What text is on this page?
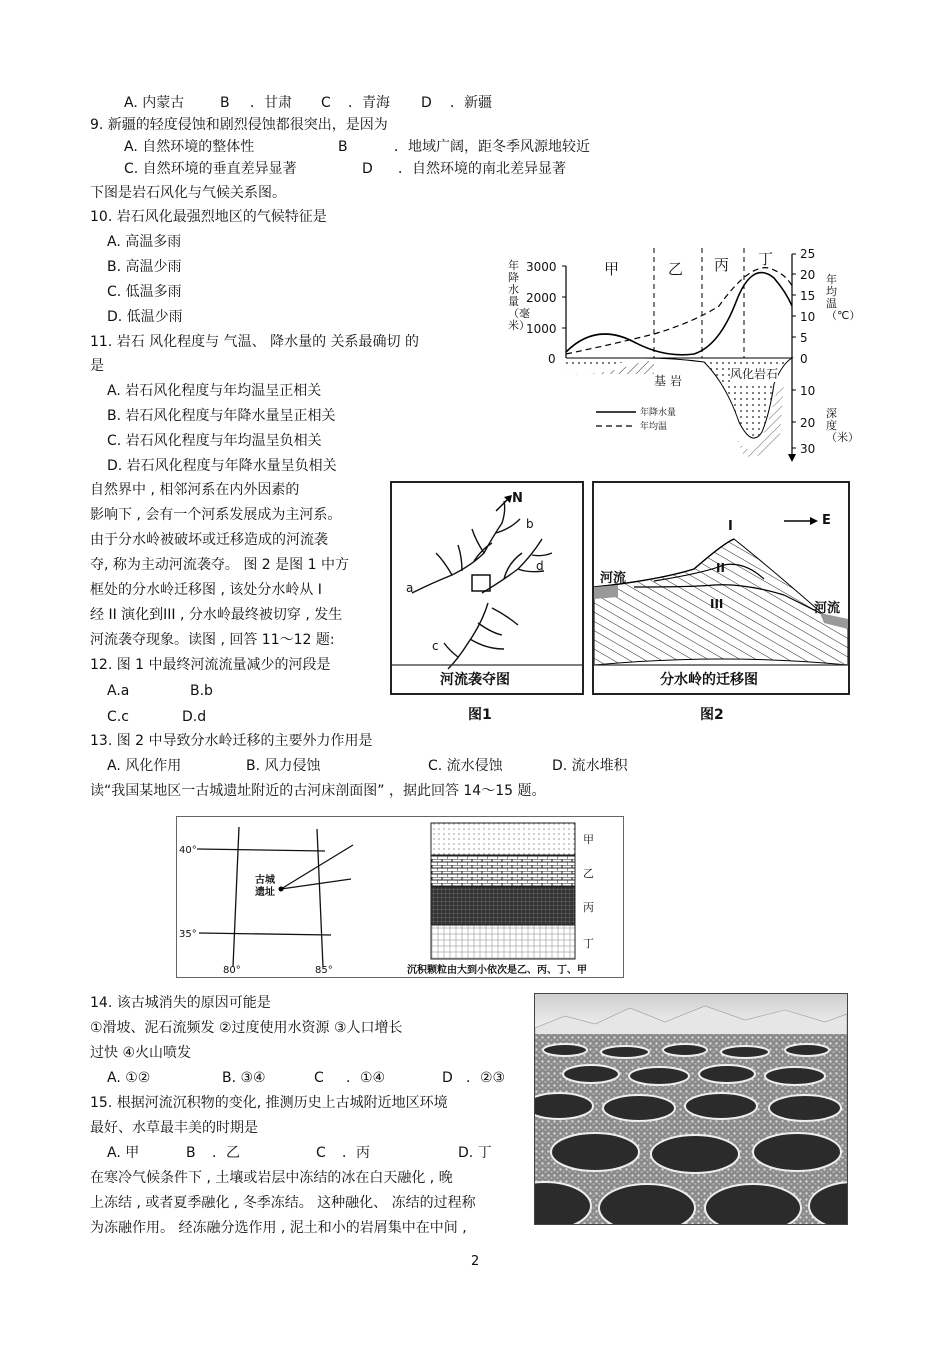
A. 内蒙古	B ．甘肃 C ．青海 D ．新疆
9. 新疆的轻度侵蚀和剧烈侵蚀都很突出，是因为
A. 自然环境的整体性	B	．地域广阔，距冬季风源地较近
C. 自然环境的垂直差异显著	D ．自然环境的南北差异显著
下图是岩石风化与气候关系图。
10. 岩石风化最强烈地区的气候特征是
A. 高温多雨
B. 高温少雨
C. 低温多雨
D. 低温少雨
11. 岩石 风化程度与 气温、 降水量的 关系最确切 的
是
A. 岩石风化程度与年均温呈正相关
B. 岩石风化程度与年降水量呈正相关
C. 岩石风化程度与年均温呈负相关
D. 岩石风化程度与年降水量呈负相关
甲	乙 丙 丁
年降水量（毫米）
3000
2000
1000
0
25
20
15
10
5
0
年均温（℃）
10
20
30
深度（米）
基 岩	风化岩石
年降水量
年均温
自然界中 , 相邻河系在内外因素的
影响下 , 会有一个河系发展成为主河系。
由于分水岭被破坏或迁移造成的河流袭
夺, 称为主动河流袭夺。 图 2 是图 1 中方
框处的分水岭迁移图 , 该处分水岭从 I
经 II 演化到III , 分水岭最终被切穿 , 发生
河流袭夺现象。读图 , 回答 11～12 题:
12. 图 1 中最终河流流量减少的河段是
A.a	B.b
C.c	D.d
N
a
b
c
d
河流袭夺图
图1
E
I
II
III
河流
河流
分水岭的迁移图
图2
13. 图 2 中导致分水岭迁移的主要外力作用是
A. 风化作用	B. 风力侵蚀	C. 流水侵蚀	D. 流水堆积
读“我国某地区一古城遗址附近的古河床剖面图” ，据此回答 14～15 题。
40°
35°
80°	85°
古城遗址
甲
乙
丙
丁
沉积颗粒由大到小依次是乙、丙、丁、甲
14. 该古城消失的原因可能是
①滑坡、泥石流频发 ②过度使用水资源 ③人口增长
过快 ④火山喷发
A. ①②	B. ③④	C ．①④	D ．②③
15. 根据河流沉积物的变化, 推测历史上古城附近地区环境
最好、水草最丰美的时期是
A. 甲	B ．乙	C ．丙	D. 丁
在寒冷气候条件下 , 土壤或岩层中冻结的冰在白天融化 , 晚
上冻结 , 或者夏季融化 , 冬季冻结。 这种融化、 冻结的过程称
为冻融作用。 经冻融分选作用 , 泥土和小的岩屑集中在中间 ,
2
